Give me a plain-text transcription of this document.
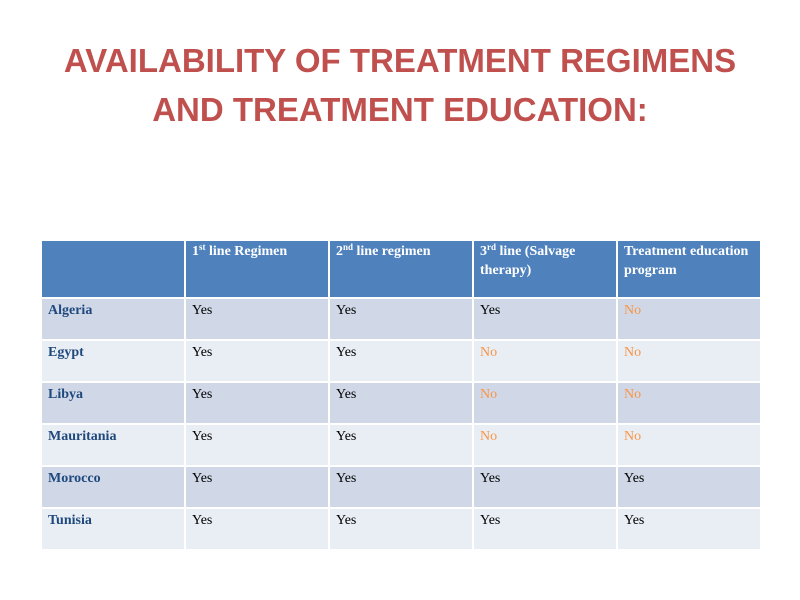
AVAILABILITY OF TREATMENT REGIMENS
AND TREATMENT EDUCATION:
	1st line Regimen	2nd line regimen	3rd line (Salvage therapy)	Treatment education program
Algeria	Yes	Yes	Yes	No
Egypt	Yes	Yes	No	No
Libya	Yes	Yes	No	No
Mauritania	Yes	Yes	No	No
Morocco	Yes	Yes	Yes	Yes
Tunisia	Yes	Yes	Yes	Yes
